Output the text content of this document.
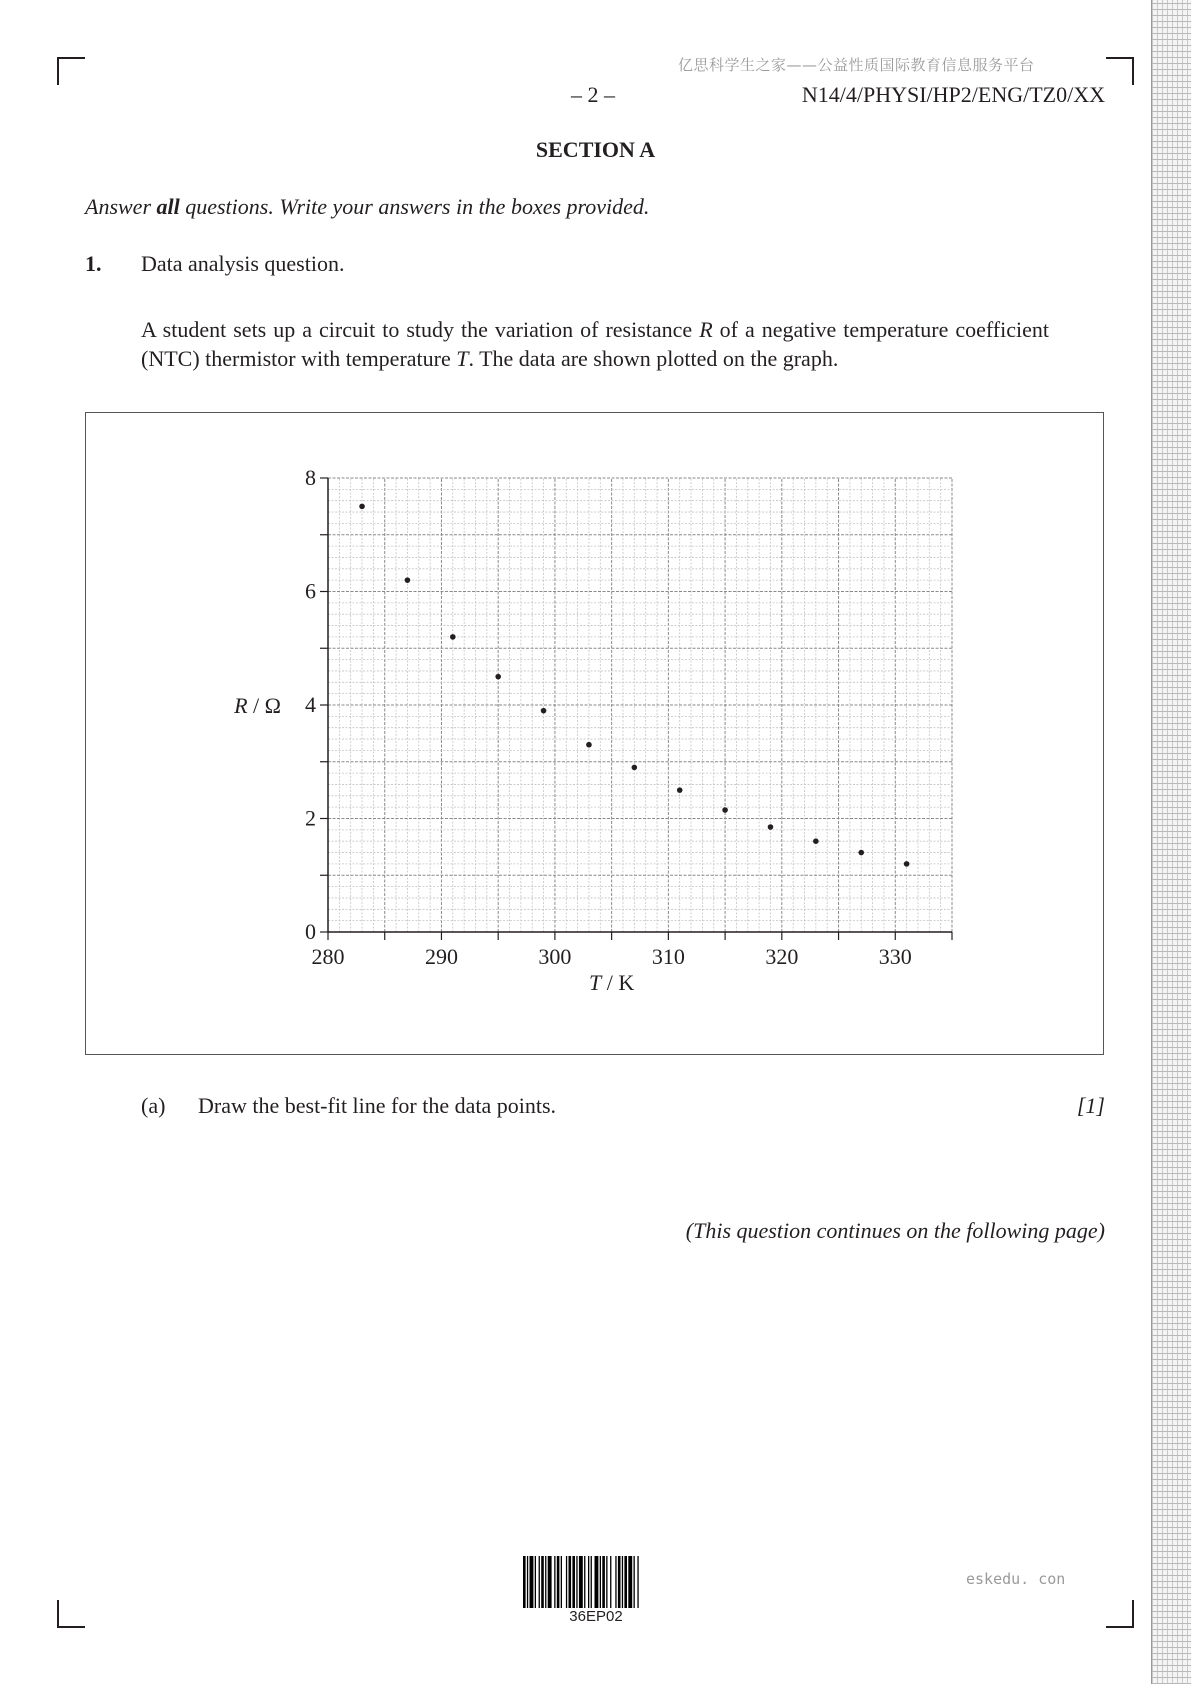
亿思科学生之家——公益性质国际教育信息服务平台
– 2 –	N14/4/PHYSI/HP2/ENG/TZ0/XX
SECTION A
Answer all questions. Write your answers in the boxes provided.
1. Data analysis question.
A student sets up a circuit to study the variation of resistance R of a negative temperature coefficient (NTC) thermistor with temperature T. The data are shown plotted on the graph.
280	290	300	310	320	330
0
2
4
6
8
T / K
R / Ω
(a) Draw the best-fit line for the data points.	[1]
(This question continues on the following page)
36EP02
eskedu. con
